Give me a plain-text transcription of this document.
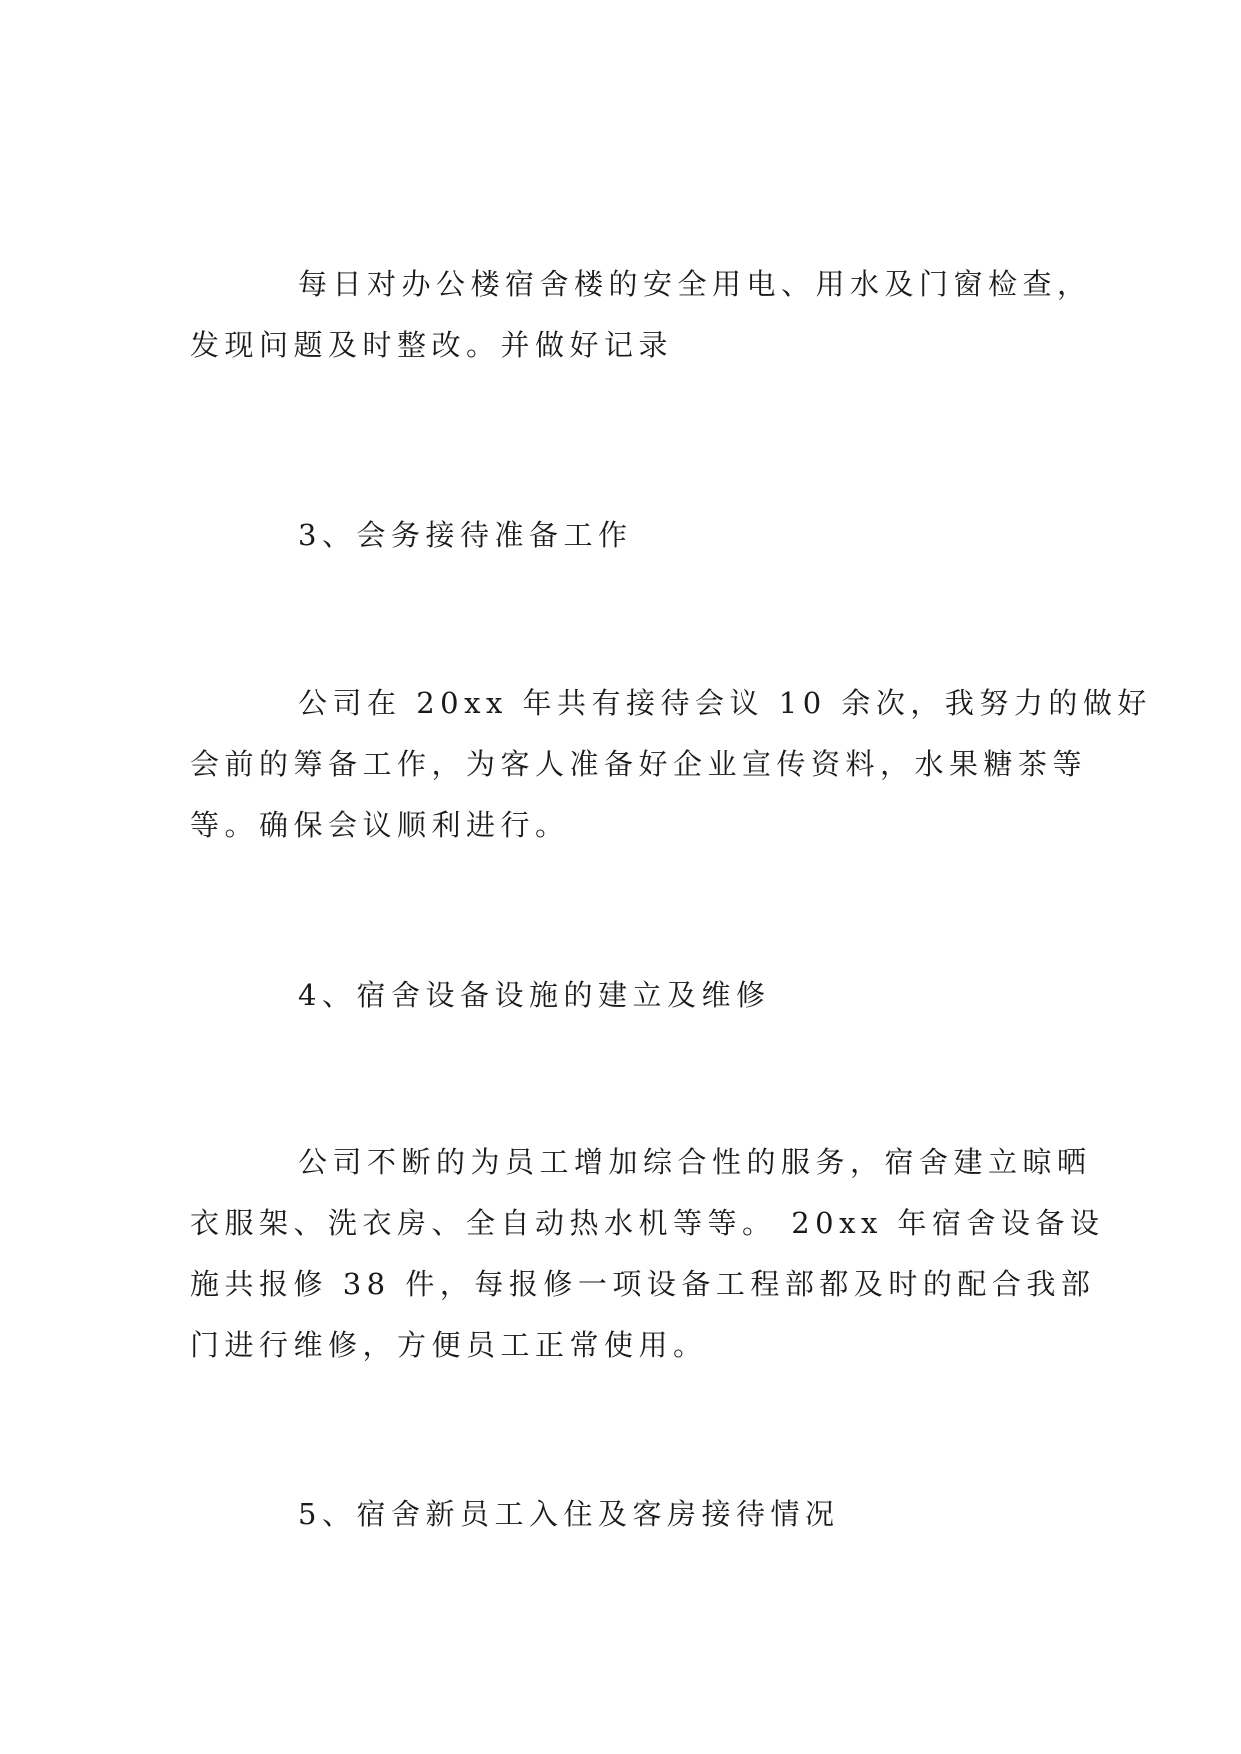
每日对办公楼宿舍楼的安全用电、用水及门窗检查，
发现问题及时整改。并做好记录
3、会务接待准备工作
公司在 20xx 年共有接待会议 10 余次，我努力的做好
会前的筹备工作，为客人准备好企业宣传资料，水果糖茶等
等。确保会议顺利进行。
4、宿舍设备设施的建立及维修
公司不断的为员工增加综合性的服务，宿舍建立晾晒
衣服架、洗衣房、全自动热水机等等。 20xx 年宿舍设备设
施共报修 38 件，每报修一项设备工程部都及时的配合我部
门进行维修，方便员工正常使用。
5、宿舍新员工入住及客房接待情况
